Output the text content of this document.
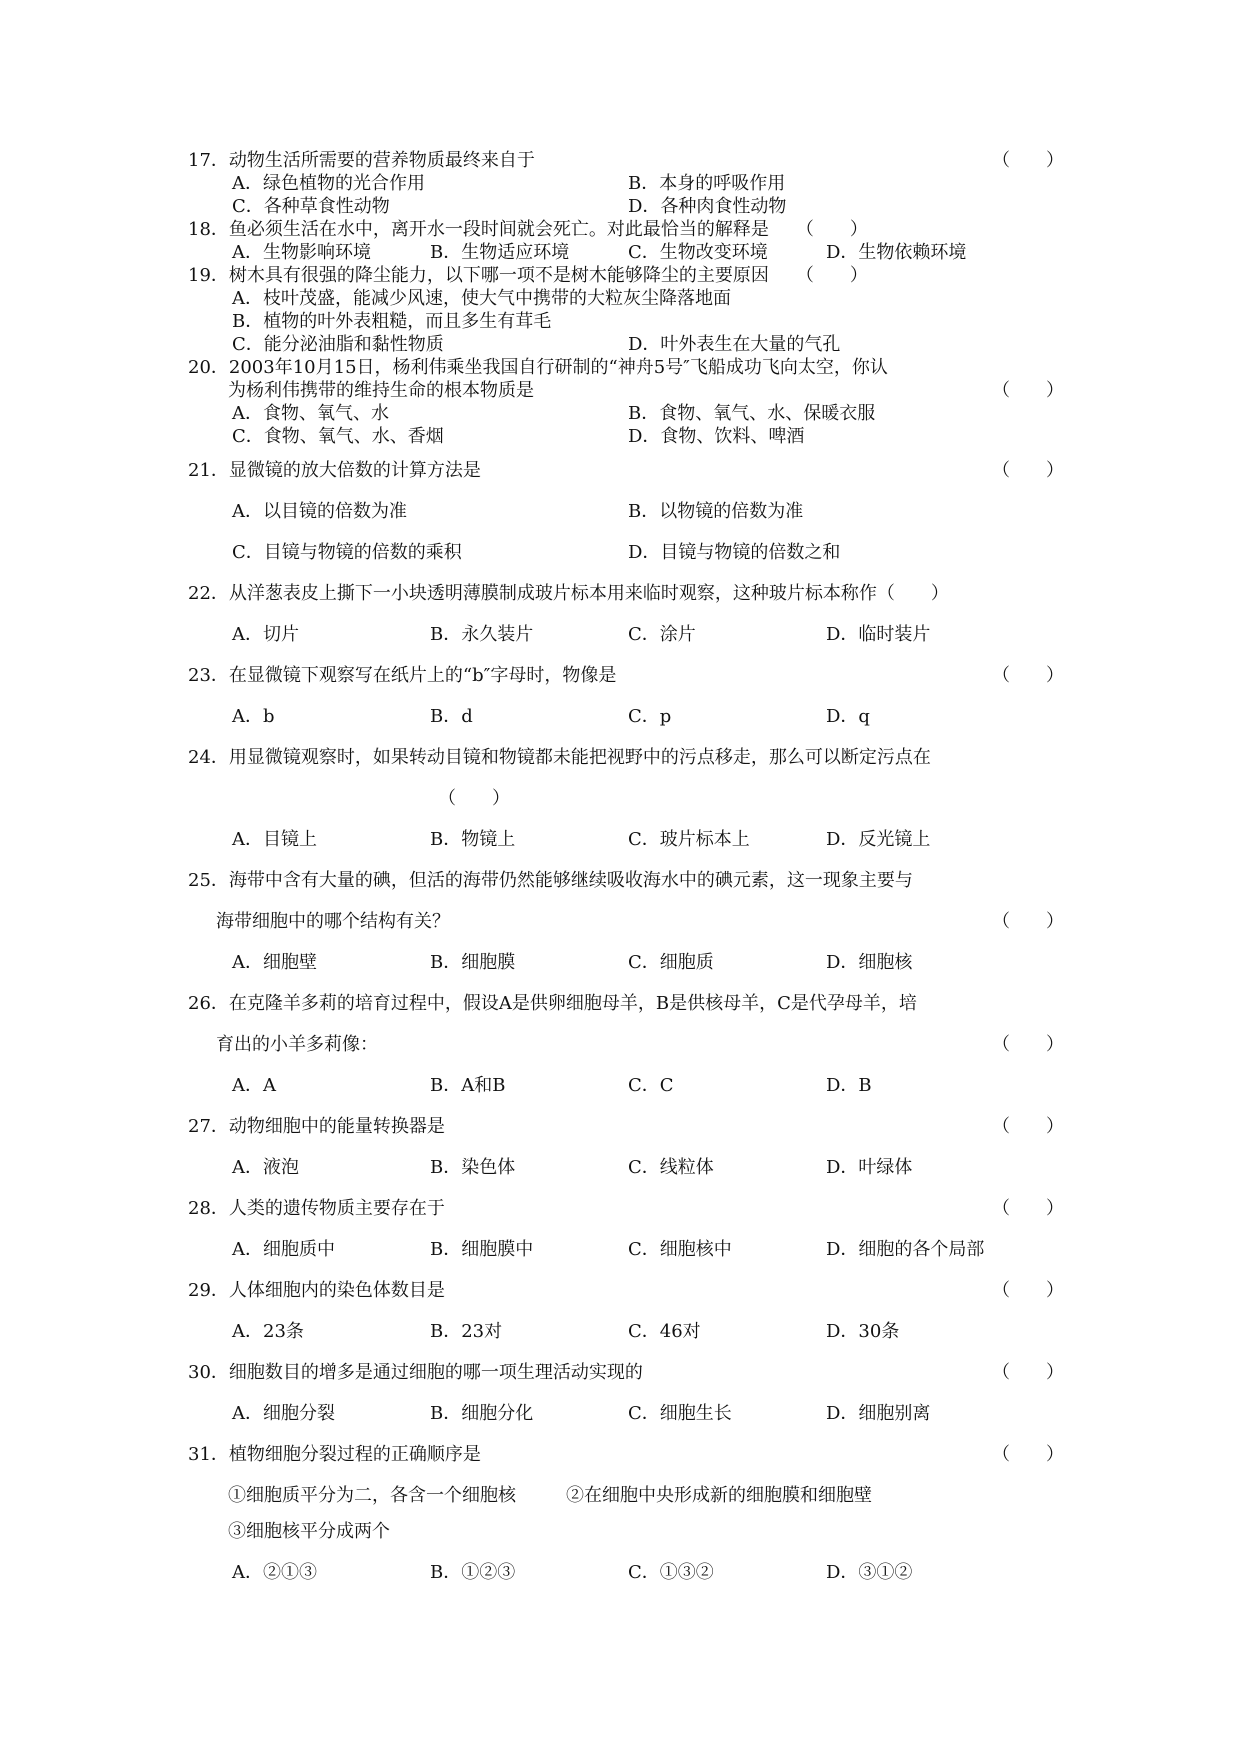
17．动物生活所需要的营养物质最终来自于	（　　）
A．绿色植物的光合作用	B．本身的呼吸作用
C．各种草食性动物	D．各种肉食性动物
18．鱼必须生活在水中，离开水一段时间就会死亡。对此最恰当的解释是　　（　　）
A．生物影响环境	B．生物适应环境	C．生物改变环境	D．生物依赖环境
19．树木具有很强的降尘能力，以下哪一项不是树木能够降尘的主要原因　　（　　）
A．枝叶茂盛，能减少风速，使大气中携带的大粒灰尘降落地面
B．植物的叶外表粗糙，而且多生有茸毛
C．能分泌油脂和黏性物质	D．叶外表生在大量的气孔
20．2003年10月15日，杨利伟乘坐我国自行研制的“神舟5号″飞船成功飞向太空，你认
为杨利伟携带的维持生命的根本物质是	（　　）
A．食物、氧气、水	B．食物、氧气、水、保暖衣服
C．食物、氧气、水、香烟	D．食物、饮料、啤酒
21．显微镜的放大倍数的计算方法是	（　　）
A．以目镜的倍数为准	B．以物镜的倍数为准
C．目镜与物镜的倍数的乘积	D．目镜与物镜的倍数之和
22．从洋葱表皮上撕下一小块透明薄膜制成玻片标本用来临时观察，这种玻片标本称作（　　）
A．切片	B．永久装片	C．涂片	D．临时装片
23．在显微镜下观察写在纸片上的“b″字母时，物像是	（　　）
A．b	B．d	C．p	D．q
24．用显微镜观察时，如果转动目镜和物镜都未能把视野中的污点移走，那么可以断定污点在
（　　）
A．目镜上	B．物镜上	C．玻片标本上	D．反光镜上
25．海带中含有大量的碘，但活的海带仍然能够继续吸收海水中的碘元素，这一现象主要与
海带细胞中的哪个结构有关？	（　　）
A．细胞壁	B．细胞膜	C．细胞质	D．细胞核
26．在克隆羊多莉的培育过程中，假设A是供卵细胞母羊，B是供核母羊，C是代孕母羊，培
育出的小羊多莉像：	（　　）
A．A	B．A和B	C．C	D．B
27．动物细胞中的能量转换器是	（　　）
A．液泡	B．染色体	C．线粒体	D．叶绿体
28．人类的遗传物质主要存在于	（　　）
A．细胞质中	B．细胞膜中	C．细胞核中	D．细胞的各个局部
29．人体细胞内的染色体数目是	（　　）
A．23条	B．23对	C．46对	D．30条
30．细胞数目的增多是通过细胞的哪一项生理活动实现的	（　　）
A．细胞分裂	B．细胞分化	C．细胞生长	D．细胞别离
31．植物细胞分裂过程的正确顺序是	（　　）
①细胞质平分为二，各含一个细胞核	②在细胞中央形成新的细胞膜和细胞壁
③细胞核平分成两个
A．②①③	B．①②③	C．①③②	D．③①②
